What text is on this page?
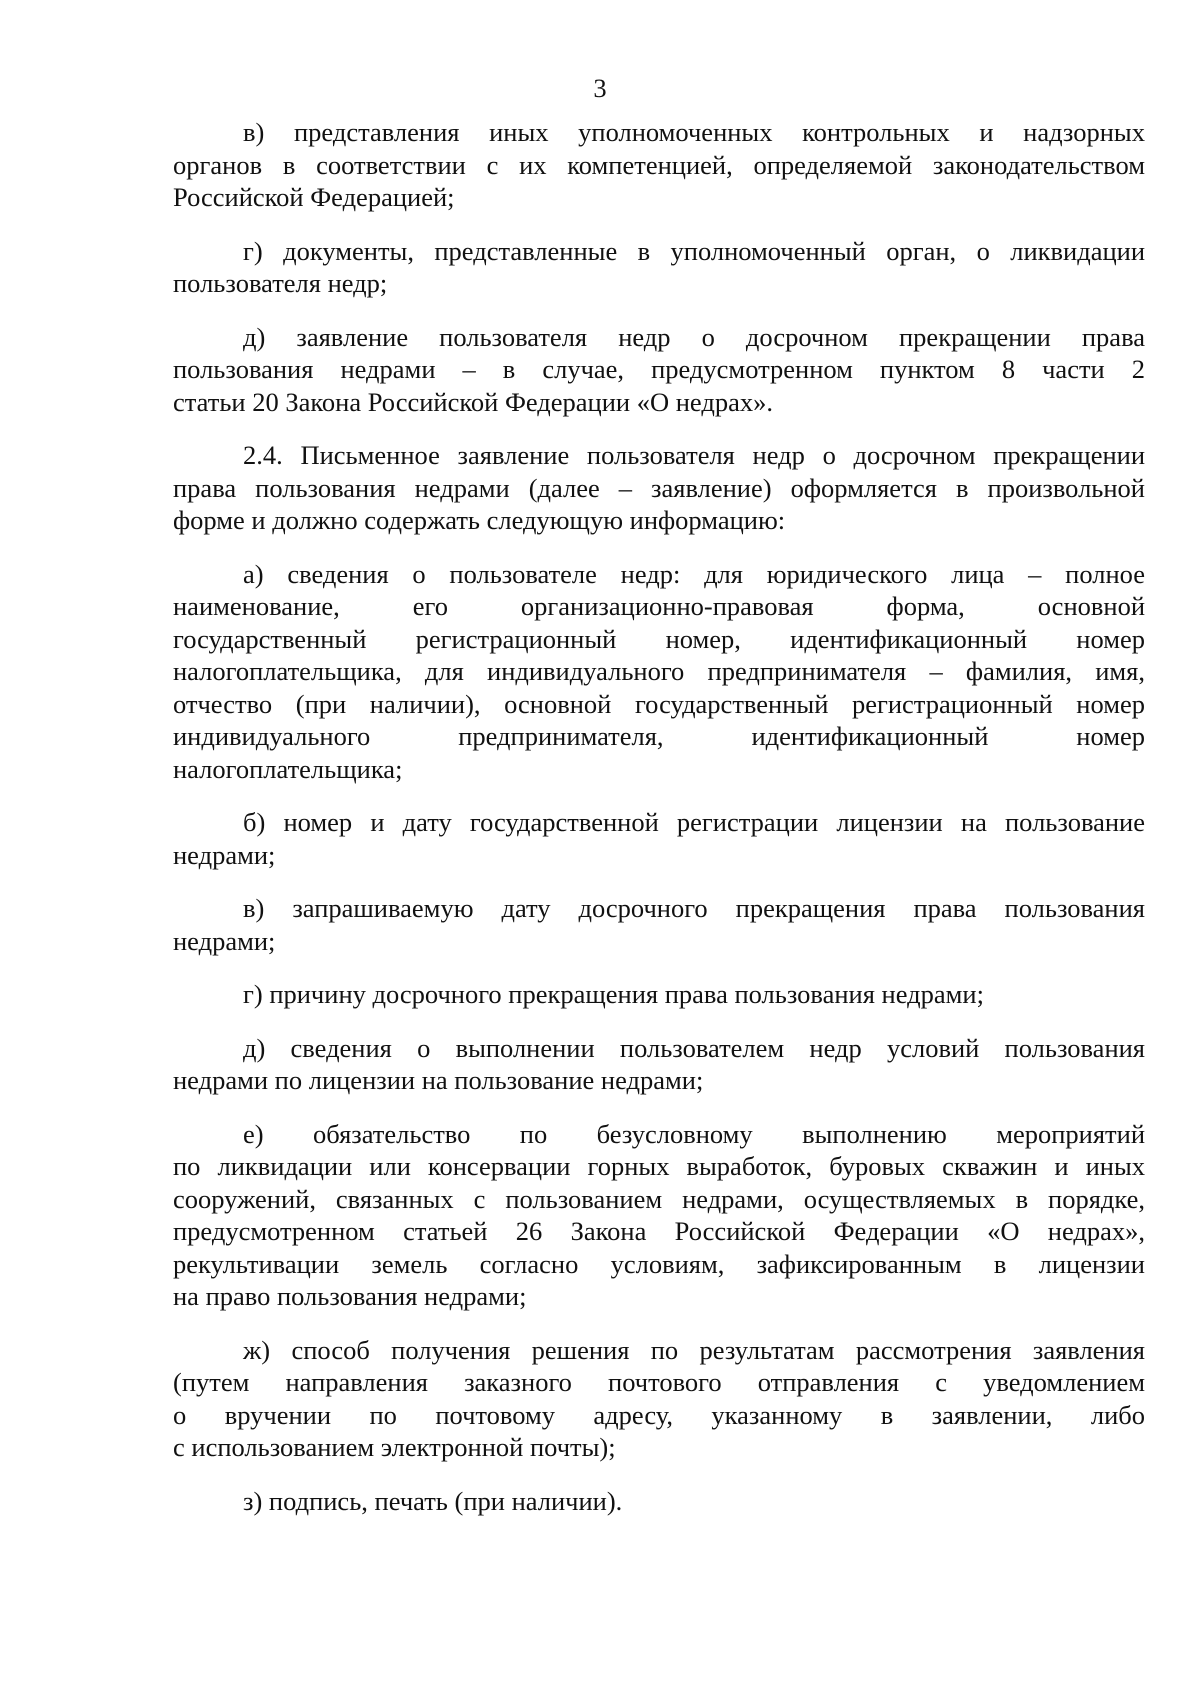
3
в) представления иных уполномоченных контрольных и надзорных
органов в соответствии с их компетенцией, определяемой законодательством
Российской Федерацией;
г) документы, представленные в уполномоченный орган, о ликвидации
пользователя недр;
д) заявление пользователя недр о досрочном прекращении права
пользования недрами – в случае, предусмотренном пунктом 8 части 2
статьи 20 Закона Российской Федерации «О недрах».
2.4. Письменное заявление пользователя недр о досрочном прекращении
права пользования недрами (далее – заявление) оформляется в произвольной
форме и должно содержать следующую информацию:
а) сведения о пользователе недр: для юридического лица – полное
наименование, его организационно-правовая форма, основной
государственный регистрационный номер, идентификационный номер
налогоплательщика, для индивидуального предпринимателя – фамилия, имя,
отчество (при наличии), основной государственный регистрационный номер
индивидуального предпринимателя, идентификационный номер
налогоплательщика;
б) номер и дату государственной регистрации лицензии на пользование
недрами;
в) запрашиваемую дату досрочного прекращения права пользования
недрами;
г) причину досрочного прекращения права пользования недрами;
д) сведения о выполнении пользователем недр условий пользования
недрами по лицензии на пользование недрами;
е) обязательство по безусловному выполнению мероприятий
по ликвидации или консервации горных выработок, буровых скважин и иных
сооружений, связанных с пользованием недрами, осуществляемых в порядке,
предусмотренном статьей 26 Закона Российской Федерации «О недрах»,
рекультивации земель согласно условиям, зафиксированным в лицензии
на право пользования недрами;
ж) способ получения решения по результатам рассмотрения заявления
(путем направления заказного почтового отправления с уведомлением
о вручении по почтовому адресу, указанному в заявлении, либо
с использованием электронной почты);
з) подпись, печать (при наличии).
